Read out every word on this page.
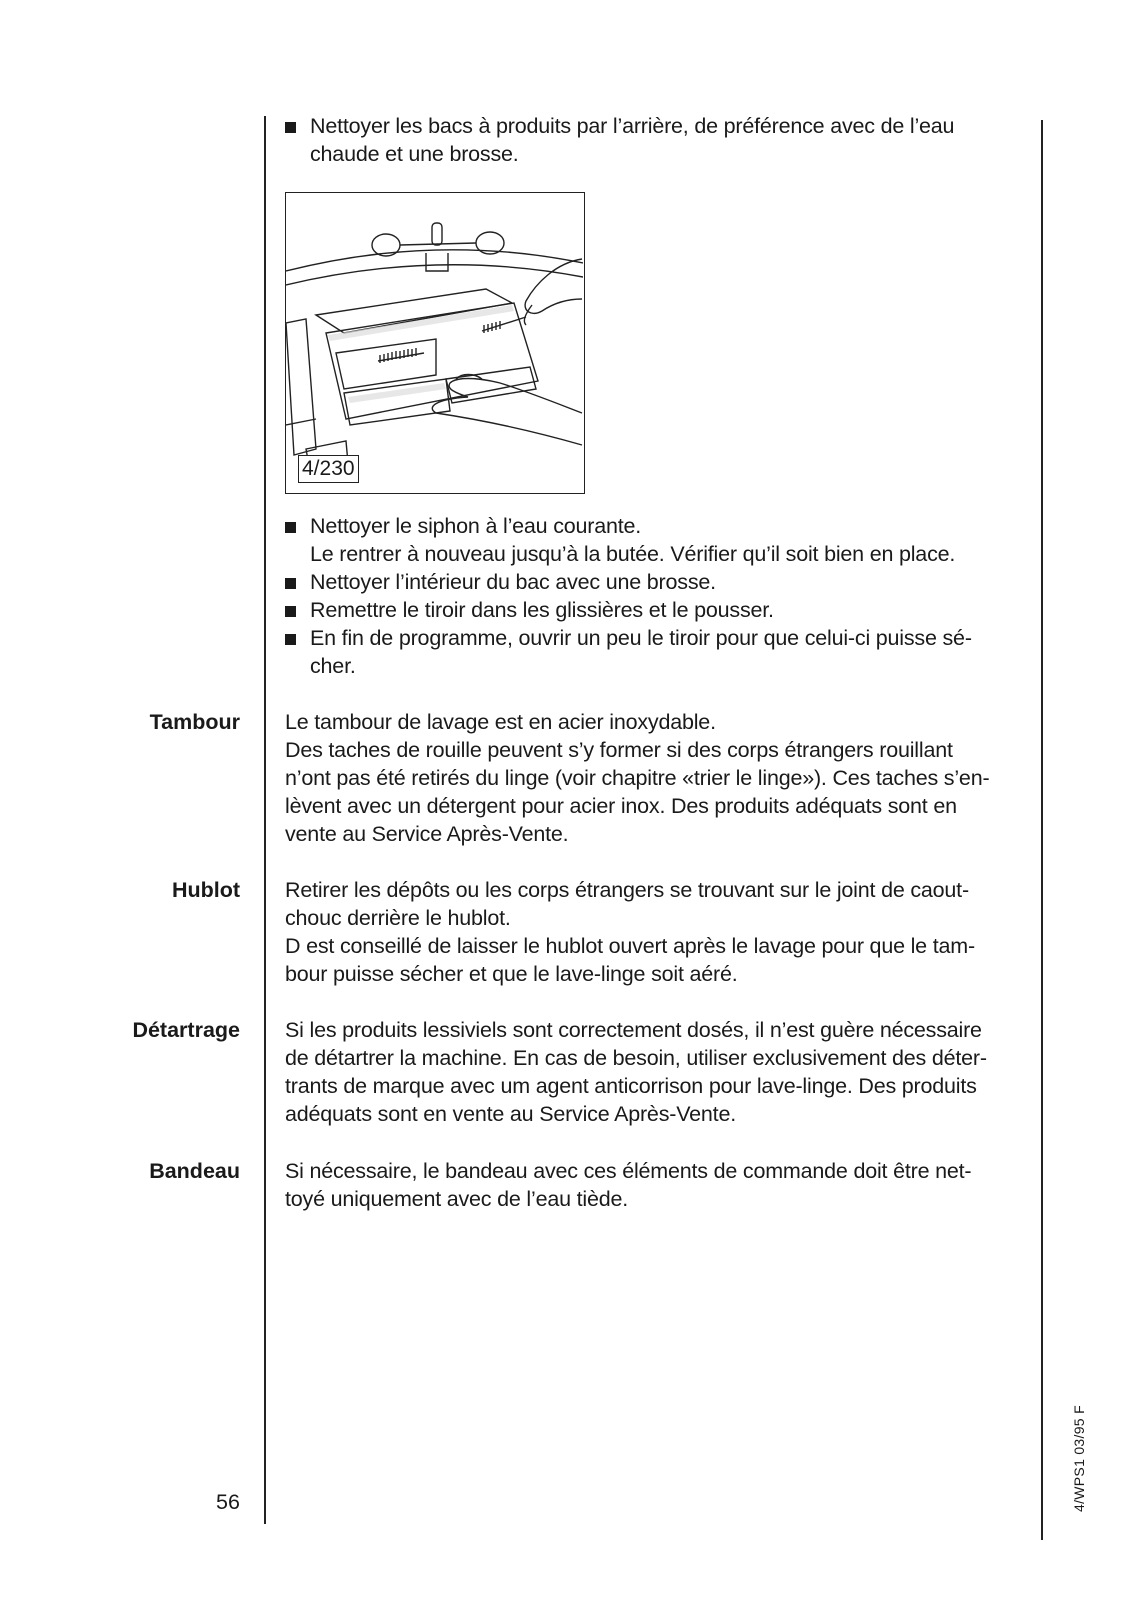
Nettoyer les bacs à produits par l’arrière, de préférence avec de l’eau
chaude et une brosse.
4/230
Nettoyer le siphon à l’eau courante.
Le rentrer à nouveau jusqu’à la butée. Vérifier qu’il soit bien en place.
Nettoyer l’intérieur du bac avec une brosse.
Remettre le tiroir dans les glissières et le pousser.
En fin de programme, ouvrir un peu le tiroir pour que celui-ci puisse sé-
cher.
Tambour Le tambour de lavage est en acier inoxydable.
Des taches de rouille peuvent s’y former si des corps étrangers rouillant
n’ont pas été retirés du linge (voir chapitre «trier le linge»). Ces taches s’en-
lèvent avec un détergent pour acier inox. Des produits adéquats sont en
vente au Service Après-Vente.
Hublot Retirer les dépôts ou les corps étrangers se trouvant sur le joint de caout-
chouc derrière le hublot.
D est conseillé de laisser le hublot ouvert après le lavage pour que le tam-
bour puisse sécher et que le lave-linge soit aéré.
Détartrage Si les produits lessiviels sont correctement dosés, il n’est guère nécessaire
de détartrer la machine. En cas de besoin, utiliser exclusivement des déter-
trants de marque avec um agent anticorrison pour lave-linge. Des produits
adéquats sont en vente au Service Après-Vente.
Bandeau Si nécessaire, le bandeau avec ces éléments de commande doit être net-
toyé uniquement avec de l’eau tiède.
56	4/WPS1 03/95 F
